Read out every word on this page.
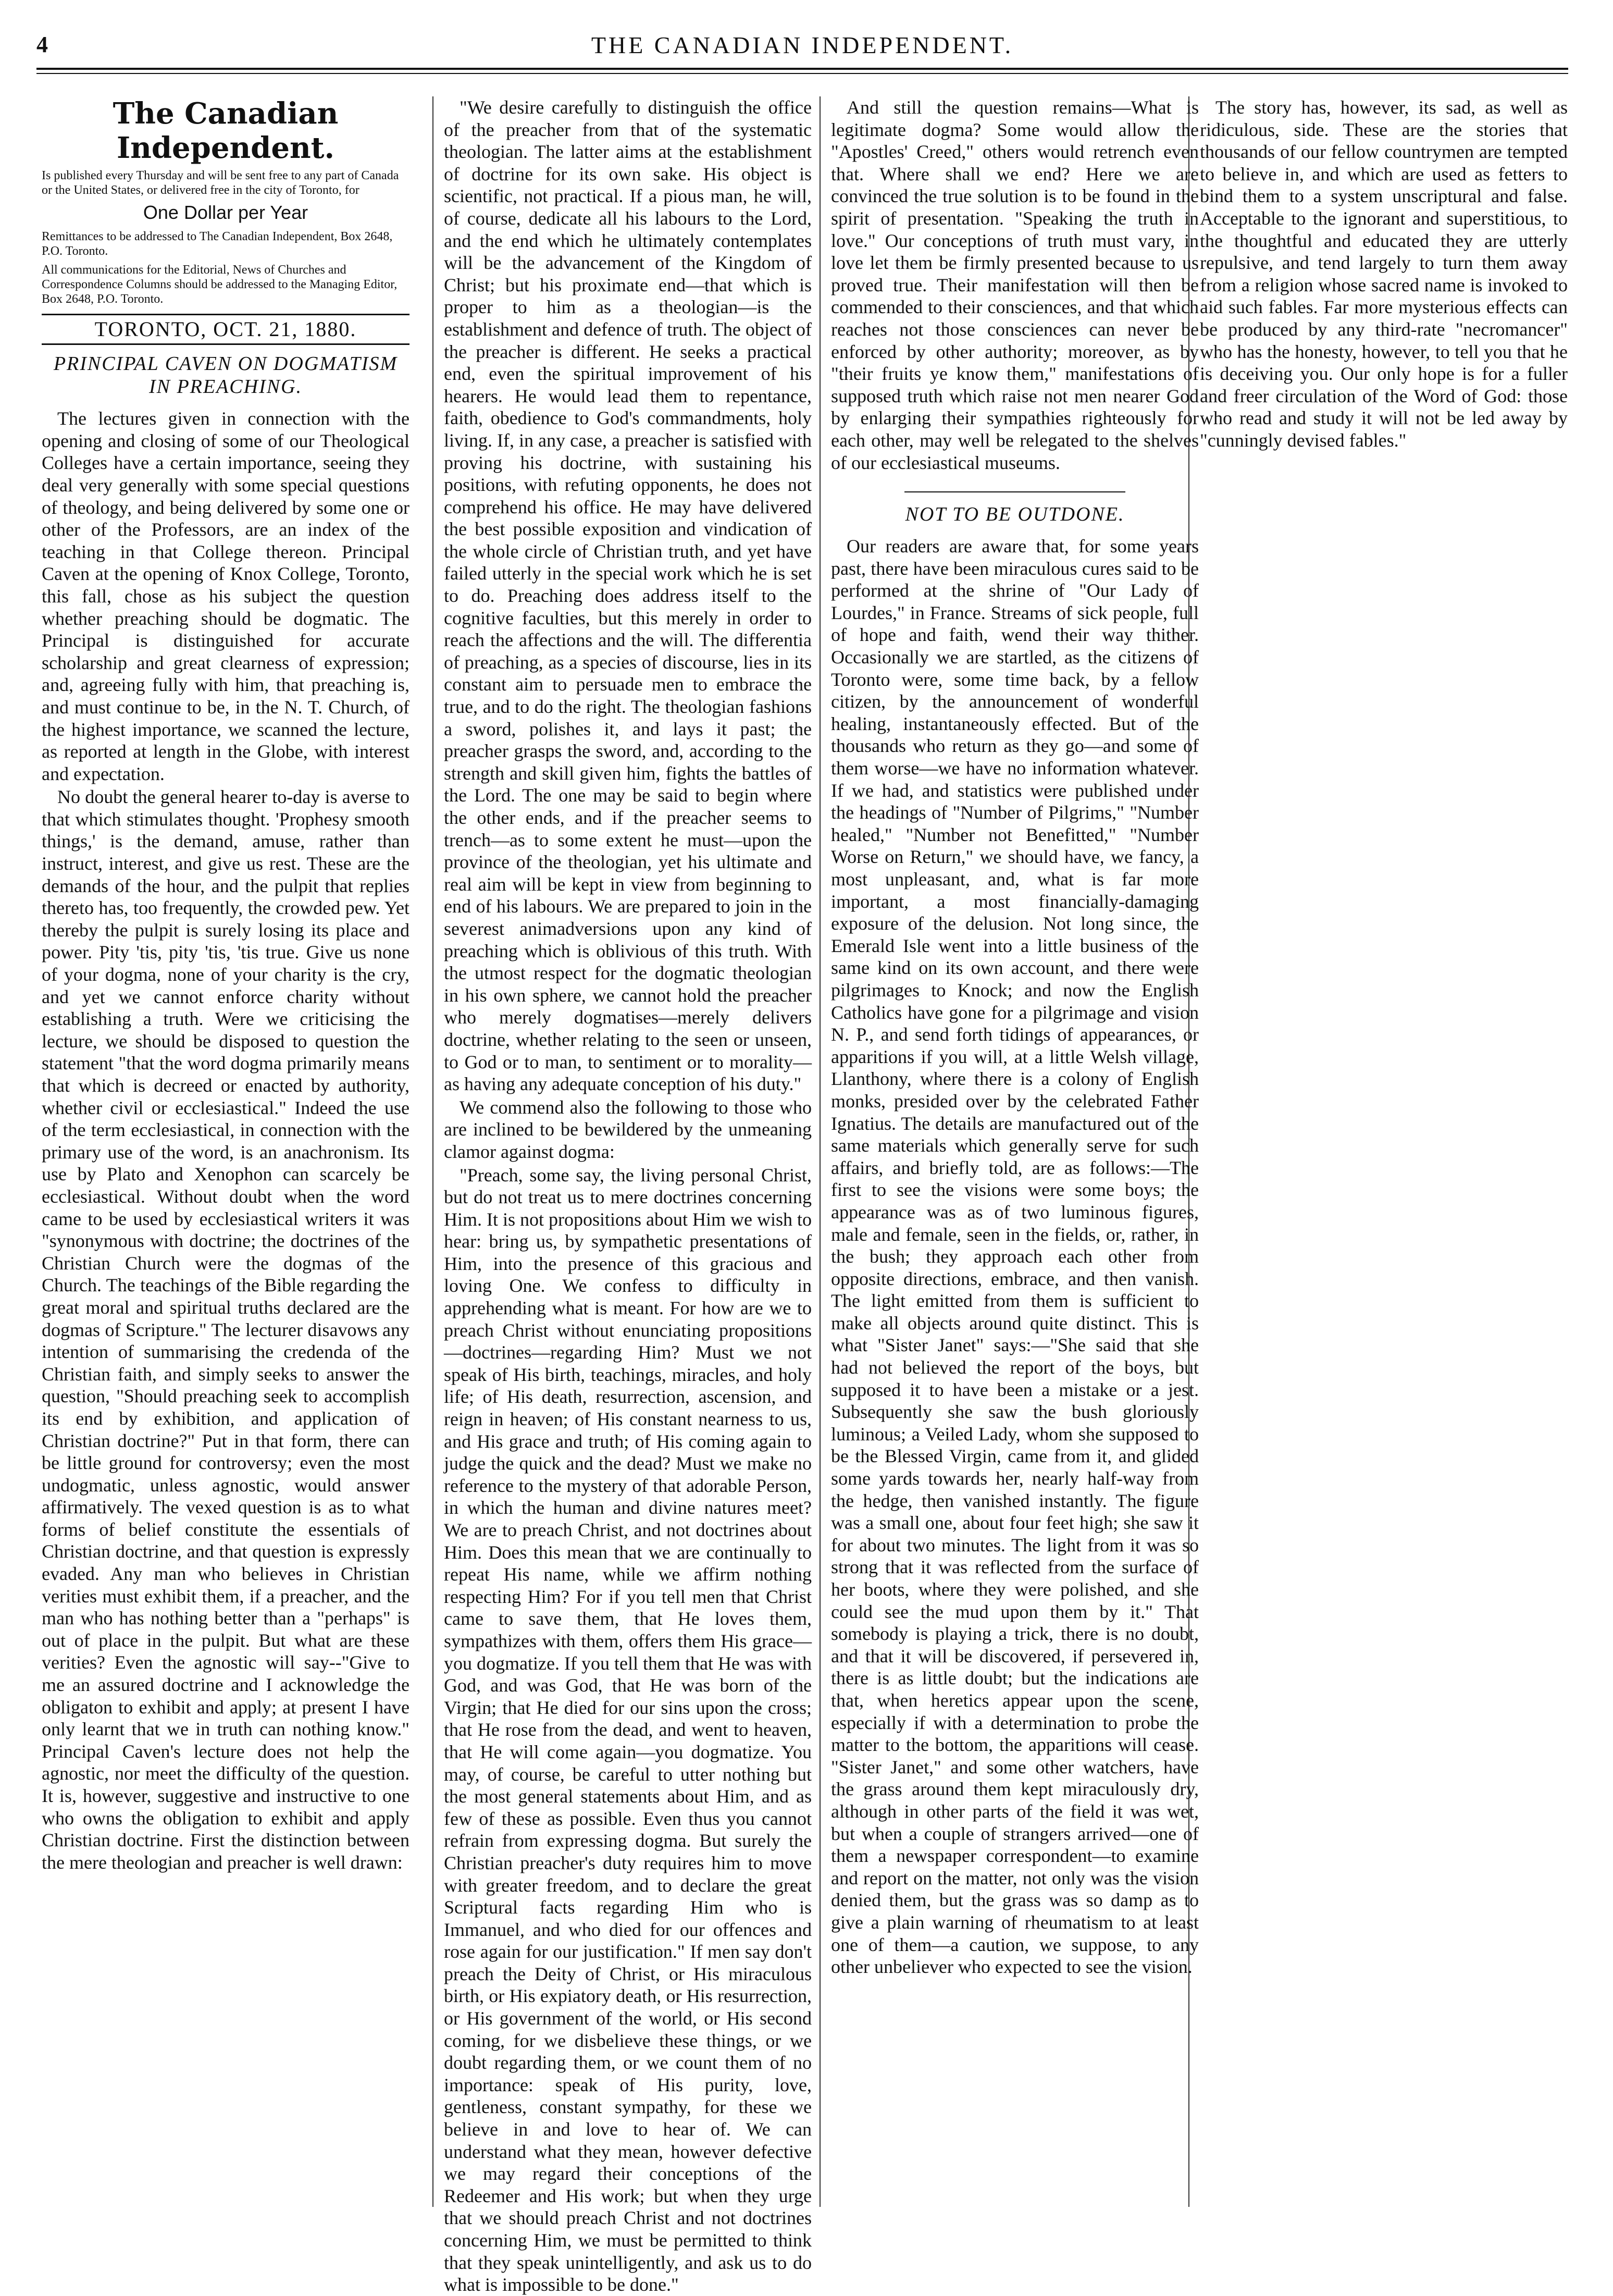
4	THE CANADIAN INDEPENDENT.
The Canadian Independent.
Is published every Thursday and will be sent free to any part of Canada or the United States, or delivered free in the city of Toronto, for
One Dollar per Year
Remittances to be addressed to The Canadian Independent, Box 2648, P.O. Toronto.
All communications for the Editorial, News of Churches and Correspondence Columns should be addressed to the Managing Editor, Box 2648, P.O. Toronto.
TORONTO, OCT. 21, 1880.
PRINCIPAL CAVEN ON DOGMATISM IN PREACHING.

The lectures given in connection with the opening and closing of some of our Theological Colleges have a certain importance, seeing they deal very generally with some special questions of theology, and being delivered by some one or other of the Professors, are an index of the teaching in that College thereon. Principal Caven at the opening of Knox College, Toronto, this fall, chose as his subject the question whether preaching should be dogmatic. The Principal is distinguished for accurate scholarship and great clearness of expression; and, agreeing fully with him, that preaching is, and must continue to be, in the N. T. Church, of the highest importance, we scanned the lecture, as reported at length in the Globe, with interest and expectation.

No doubt the general hearer to-day is averse to that which stimulates thought. 'Prophesy smooth things,' is the demand, amuse, rather than instruct, interest, and give us rest. These are the demands of the hour, and the pulpit that replies thereto has, too frequently, the crowded pew. Yet thereby the pulpit is surely losing its place and power. Pity 'tis, pity 'tis, 'tis true. Give us none of your dogma, none of your charity is the cry, and yet we cannot enforce charity without establishing a truth. Were we criticising the lecture, we should be disposed to question the statement "that the word dogma primarily means that which is decreed or enacted by authority, whether civil or ecclesiastical." Indeed the use of the term ecclesiastical, in connection with the primary use of the word, is an anachronism. Its use by Plato and Xenophon can scarcely be ecclesiastical. Without doubt when the word came to be used by ecclesiastical writers it was "synonymous with doctrine; the doctrines of the Christian Church were the dogmas of the Church. The teachings of the Bible regarding the great moral and spiritual truths declared are the dogmas of Scripture." The lecturer disavows any intention of summarising the credenda of the Christian faith, and simply seeks to answer the question, "Should preaching seek to accomplish its end by exhibition, and application of Christian doctrine?" Put in that form, there can be little ground for controversy; even the most undogmatic, unless agnostic, would answer affirmatively. The vexed question is as to what forms of belief constitute the essentials of Christian doctrine, and that question is expressly evaded. Any man who believes in Christian verities must exhibit them, if a preacher, and the man who has nothing better than a "perhaps" is out of place in the pulpit. But what are these verities? Even the agnostic will say--"Give to me an assured doctrine and I acknowledge the obligaton to exhibit and apply; at present I have only learnt that we in truth can nothing know." Principal Caven's lecture does not help the agnostic, nor meet the difficulty of the question. It is, however, suggestive and instructive to one who owns the obligation to exhibit and apply Christian doctrine. First the distinction between the mere theologian and preacher is well drawn:

"We desire carefully to distinguish the office of the preacher from that of the systematic theologian. The latter aims at the establishment of doctrine for its own sake. His object is scientific, not practical. If a pious man, he will, of course, dedicate all his labours to the Lord, and the end which he ultimately contemplates will be the advancement of the Kingdom of Christ; but his proximate end—that which is proper to him as a theologian—is the establishment and defence of truth. The object of the preacher is different. He seeks a practical end, even the spiritual improvement of his hearers. He would lead them to repentance, faith, obedience to God's commandments, holy living. If, in any case, a preacher is satisfied with proving his doctrine, with sustaining his positions, with refuting opponents, he does not comprehend his office. He may have delivered the best possible exposition and vindication of the whole circle of Christian truth, and yet have failed utterly in the special work which he is set to do. Preaching does address itself to the cognitive faculties, but this merely in order to reach the affections and the will. The differentia of preaching, as a species of discourse, lies in its constant aim to persuade men to embrace the true, and to do the right. The theologian fashions a sword, polishes it, and lays it past; the preacher grasps the sword, and, according to the strength and skill given him, fights the battles of the Lord. The one may be said to begin where the other ends, and if the preacher seems to trench—as to some extent he must—upon the province of the theologian, yet his ultimate and real aim will be kept in view from beginning to end of his labours. We are prepared to join in the severest animadversions upon any kind of preaching which is oblivious of this truth. With the utmost respect for the dogmatic theologian in his own sphere, we cannot hold the preacher who merely dogmatises—merely delivers doctrine, whether relating to the seen or unseen, to God or to man, to sentiment or to morality—as having any adequate conception of his duty."

We commend also the following to those who are inclined to be bewildered by the unmeaning clamor against dogma:

"Preach, some say, the living personal Christ, but do not treat us to mere doctrines concerning Him. It is not propositions about Him we wish to hear: bring us, by sympathetic presentations of Him, into the presence of this gracious and loving One. We confess to difficulty in apprehending what is meant. For how are we to preach Christ without enunciating propositions—doctrines—regarding Him? Must we not speak of His birth, teachings, miracles, and holy life; of His death, resurrection, ascension, and reign in heaven; of His constant nearness to us, and His grace and truth; of His coming again to judge the quick and the dead? Must we make no reference to the mystery of that adorable Person, in which the human and divine natures meet? We are to preach Christ, and not doctrines about Him. Does this mean that we are continually to repeat His name, while we affirm nothing respecting Him? For if you tell men that Christ came to save them, that He loves them, sympathizes with them, offers them His grace—you dogmatize. If you tell them that He was with God, and was God, that He was born of the Virgin; that He died for our sins upon the cross; that He rose from the dead, and went to heaven, that He will come again—you dogmatize. You may, of course, be careful to utter nothing but the most general statements about Him, and as few of these as possible. Even thus you cannot refrain from expressing dogma. But surely the Christian preacher's duty requires him to move with greater freedom, and to declare the great Scriptural facts regarding Him who is Immanuel, and who died for our offences and rose again for our justification." If men say don't preach the Deity of Christ, or His miraculous birth, or His expiatory death, or His resurrection, or His government of the world, or His second coming, for we disbelieve these things, or we doubt regarding them, or we count them of no importance: speak of His purity, love, gentleness, constant sympathy, for these we believe in and love to hear of. We can understand what they mean, however defective we may regard their conceptions of the Redeemer and His work; but when they urge that we should preach Christ and not doctrines concerning Him, we must be permitted to think that they speak unintelligently, and ask us to do what is impossible to be done."

And still the question remains—What is legitimate dogma? Some would allow the "Apostles' Creed," others would retrench even that. Where shall we end? Here we are convinced the true solution is to be found in the spirit of presentation. "Speaking the truth in love." Our conceptions of truth must vary, in love let them be firmly presented because to us proved true. Their manifestation will then be commended to their consciences, and that which reaches not those consciences can never be enforced by other authority; moreover, as by "their fruits ye know them," manifestations of supposed truth which raise not men nearer God by enlarging their sympathies righteously for each other, may well be relegated to the shelves of our ecclesiastical museums.

NOT TO BE OUTDONE.

Our readers are aware that, for some years past, there have been miraculous cures said to be performed at the shrine of "Our Lady of Lourdes," in France. Streams of sick people, full of hope and faith, wend their way thither. Occasionally we are startled, as the citizens of Toronto were, some time back, by a fellow citizen, by the announcement of wonderful healing, instantaneously effected. But of the thousands who return as they go—and some of them worse—we have no information whatever. If we had, and statistics were published under the headings of "Number of Pilgrims," "Number healed," "Number not Benefitted," "Number Worse on Return," we should have, we fancy, a most unpleasant, and, what is far more important, a most financially-damaging exposure of the delusion. Not long since, the Emerald Isle went into a little business of the same kind on its own account, and there were pilgrimages to Knock; and now the English Catholics have gone for a pilgrimage and vision N. P., and send forth tidings of appearances, or apparitions if you will, at a little Welsh village, Llanthony, where there is a colony of English monks, presided over by the celebrated Father Ignatius. The details are manufactured out of the same materials which generally serve for such affairs, and briefly told, are as follows:—The first to see the visions were some boys; the appearance was as of two luminous figures, male and female, seen in the fields, or, rather, in the bush; they approach each other from opposite directions, embrace, and then vanish. The light emitted from them is sufficient to make all objects around quite distinct. This is what "Sister Janet" says:—"She said that she had not believed the report of the boys, but supposed it to have been a mistake or a jest. Subsequently she saw the bush gloriously luminous; a Veiled Lady, whom she supposed to be the Blessed Virgin, came from it, and glided some yards towards her, nearly half-way from the hedge, then vanished instantly. The figure was a small one, about four feet high; she saw it for about two minutes. The light from it was so strong that it was reflected from the surface of her boots, where they were polished, and she could see the mud upon them by it." That somebody is playing a trick, there is no doubt, and that it will be discovered, if persevered in, there is as little doubt; but the indications are that, when heretics appear upon the scene, especially if with a determination to probe the matter to the bottom, the apparitions will cease. "Sister Janet," and some other watchers, have the grass around them kept miraculously dry, although in other parts of the field it was wet, but when a couple of strangers arrived—one of them a newspaper correspondent—to examine and report on the matter, not only was the vision denied them, but the grass was so damp as to give a plain warning of rheumatism to at least one of them—a caution, we suppose, to any other unbeliever who expected to see the vision.

The story has, however, its sad, as well as ridiculous, side. These are the stories that thousands of our fellow countrymen are tempted to believe in, and which are used as fetters to bind them to a system unscriptural and false. Acceptable to the ignorant and superstitious, to the thoughtful and educated they are utterly repulsive, and tend largely to turn them away from a religion whose sacred name is invoked to aid such fables. Far more mysterious effects can be produced by any third-rate "necromancer" who has the honesty, however, to tell you that he is deceiving you. Our only hope is for a fuller and freer circulation of the Word of God: those who read and study it will not be led away by "cunningly devised fables."
